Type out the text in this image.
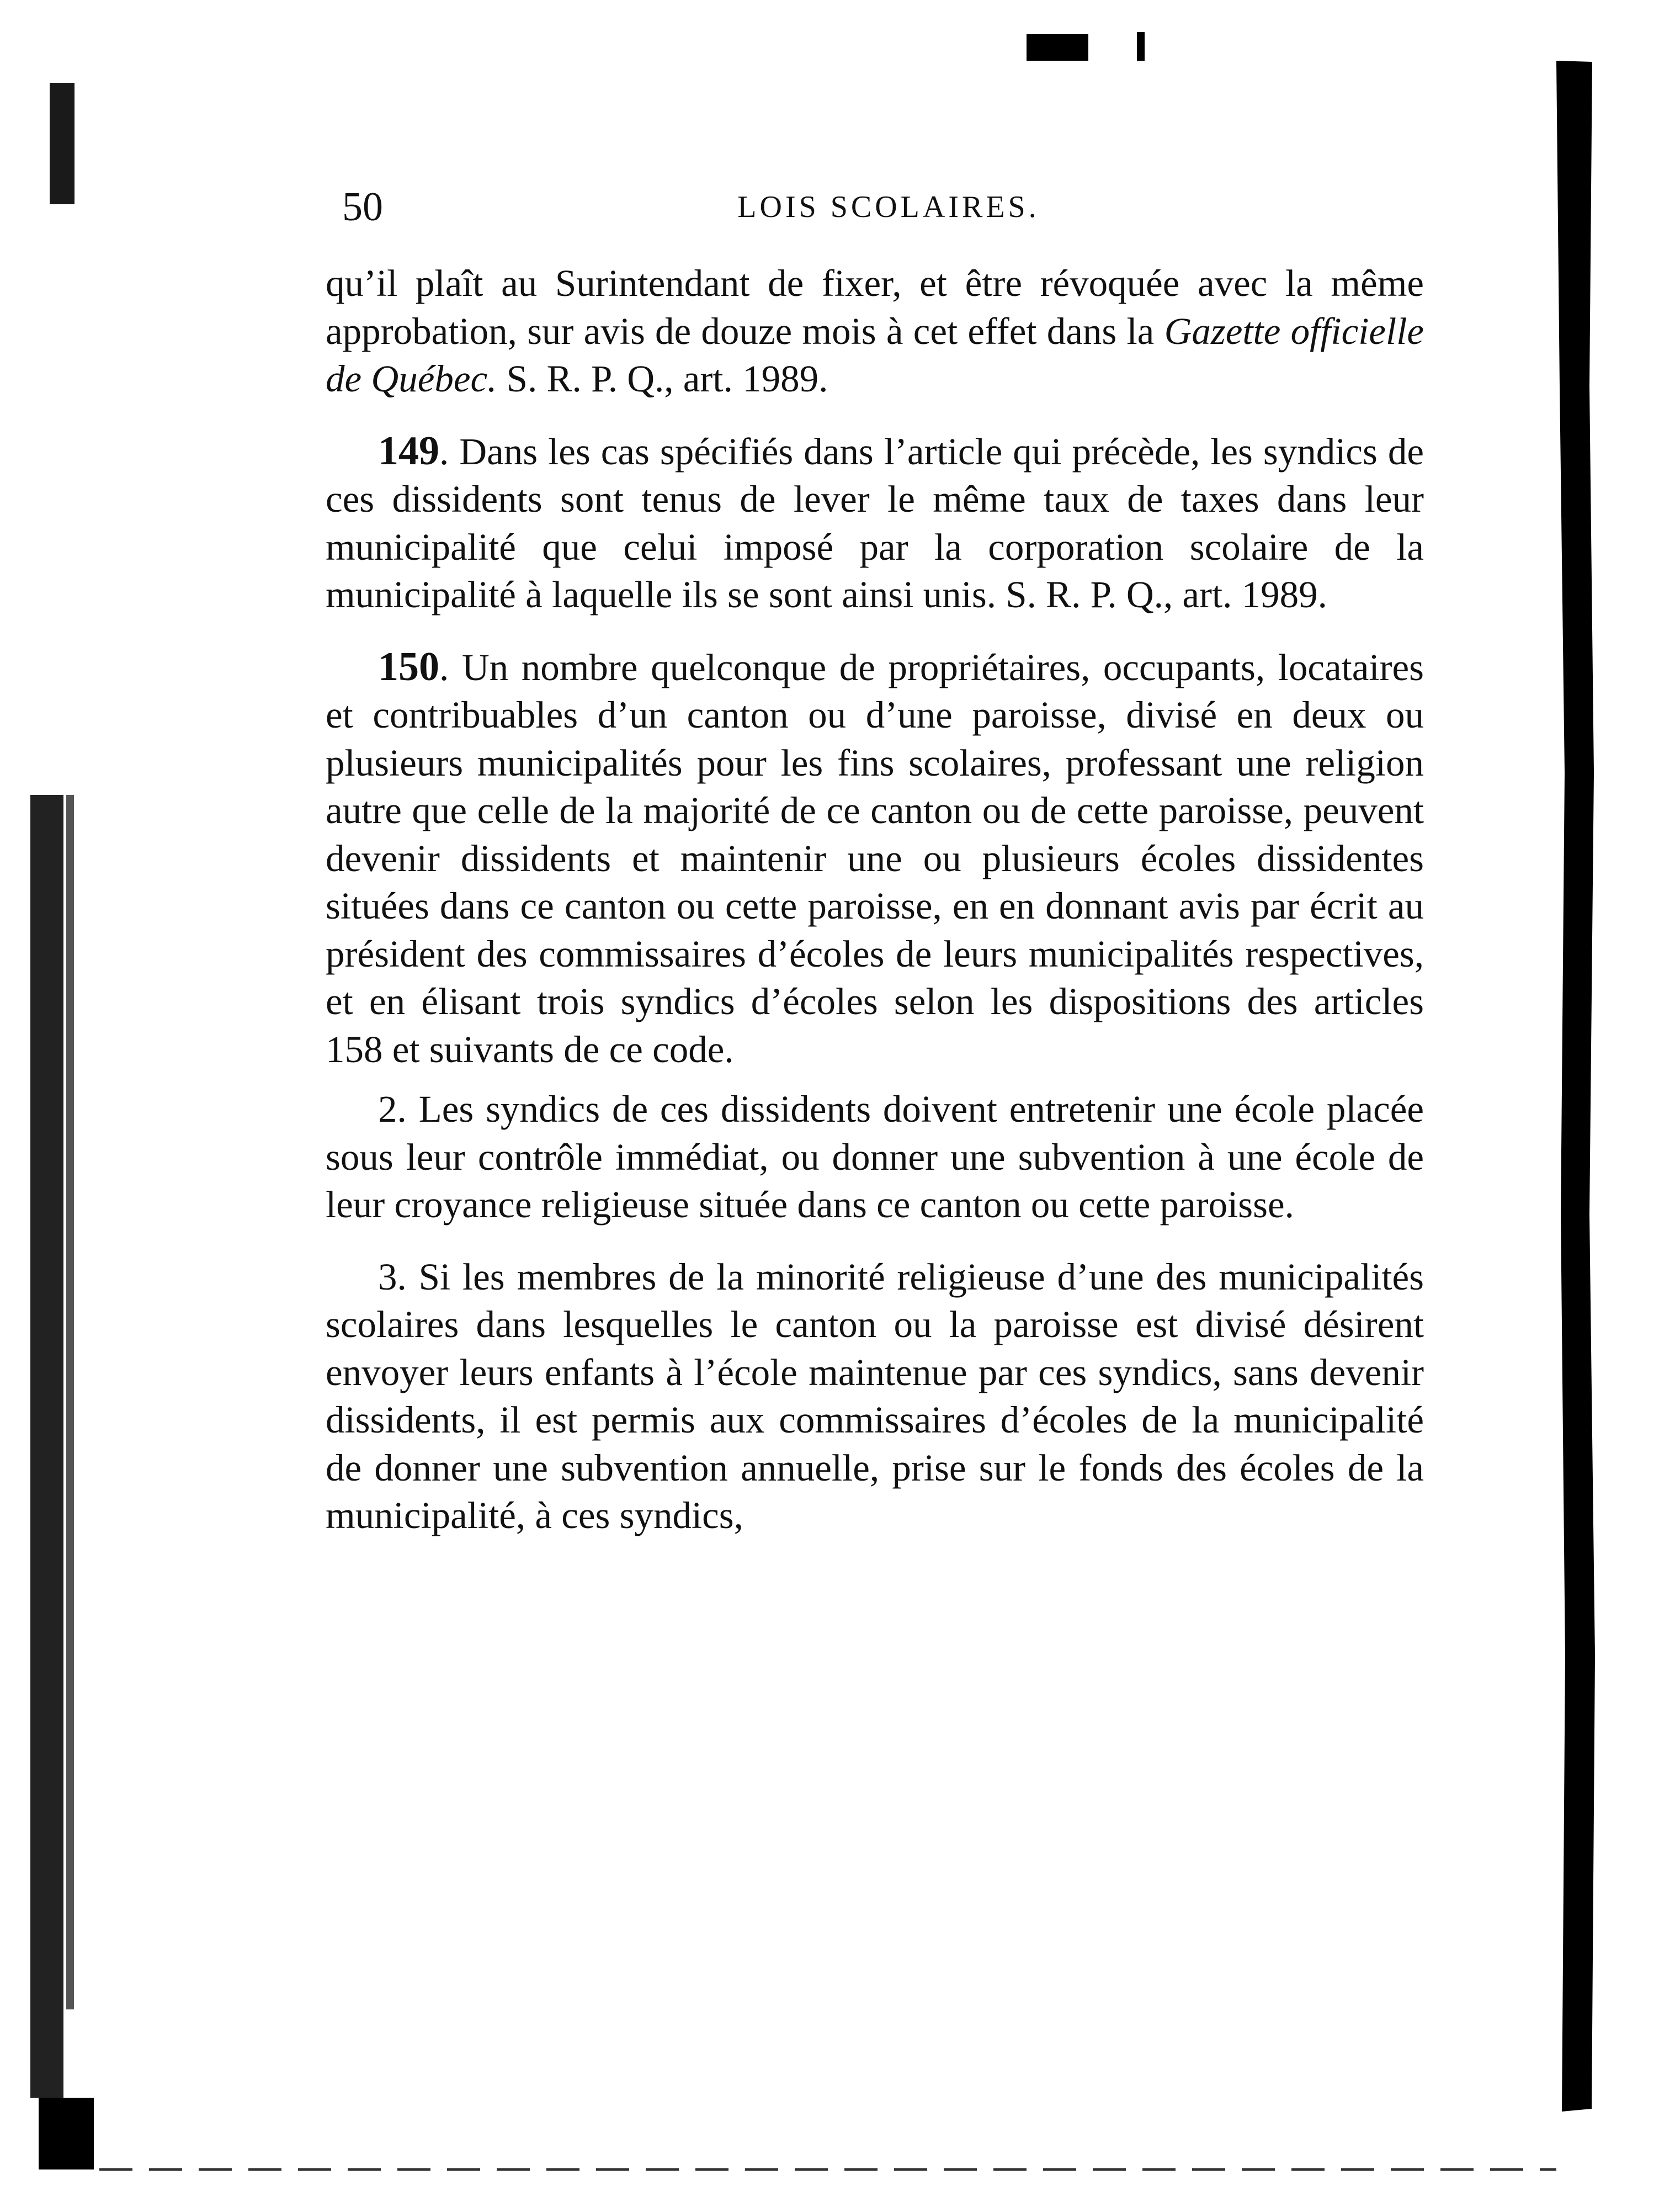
50	LOIS SCOLAIRES.

qu’il plaît au Surintendant de fixer, et être révoquée avec la même approbation, sur avis de douze mois à cet effet dans la Gazette officielle de Québec. S. R. P. Q., art. 1989.

149. Dans les cas spécifiés dans l’article qui précède, les syndics de ces dissidents sont tenus de lever le même taux de taxes dans leur municipalité que celui imposé par la corporation scolaire de la municipalité à laquelle ils se sont ainsi unis. S. R. P. Q., art. 1989.

150. Un nombre quelconque de propriétaires, occupants, locataires et contribuables d’un canton ou d’une paroisse, divisé en deux ou plusieurs municipalités pour les fins scolaires, professant une religion autre que celle de la majorité de ce canton ou de cette paroisse, peuvent devenir dissidents et maintenir une ou plusieurs écoles dissidentes situées dans ce canton ou cette paroisse, en en donnant avis par écrit au président des commissaires d’écoles de leurs municipalités respectives, et en élisant trois syndics d’écoles selon les dispositions des articles 158 et suivants de ce code.

2. Les syndics de ces dissidents doivent entretenir une école placée sous leur contrôle immédiat, ou donner une subvention à une école de leur croyance religieuse située dans ce canton ou cette paroisse.

3. Si les membres de la minorité religieuse d’une des municipalités scolaires dans lesquelles le canton ou la paroisse est divisé désirent envoyer leurs enfants à l’école maintenue par ces syndics, sans devenir dissidents, il est permis aux commissaires d’écoles de la municipalité de donner une subvention annuelle, prise sur le fonds des écoles de la municipalité, à ces syndics,
